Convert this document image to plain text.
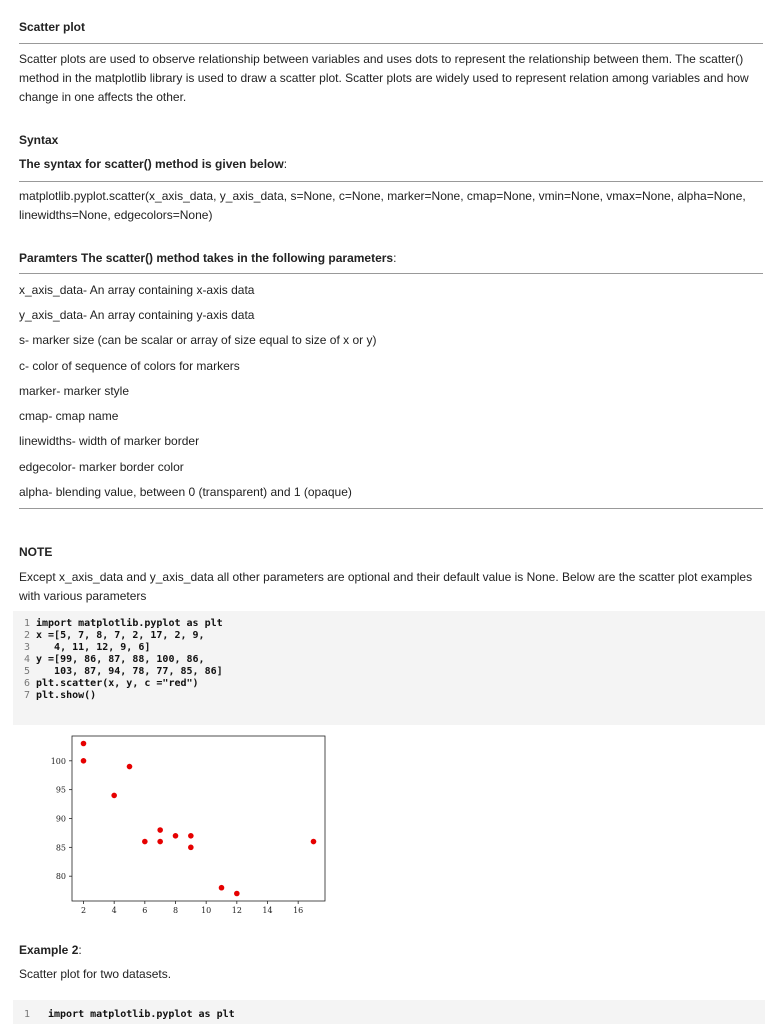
Scatter plot
Scatter plots are used to observe relationship between variables and uses dots to represent the relationship between them. The scatter() method in the matplotlib library is used to draw a scatter plot. Scatter plots are widely used to represent relation among variables and how change in one affects the other.
Syntax
The syntax for scatter() method is given below:
matplotlib.pyplot.scatter(x_axis_data, y_axis_data, s=None, c=None, marker=None, cmap=None, vmin=None, vmax=None, alpha=None, linewidths=None, edgecolors=None)
Paramters The scatter() method takes in the following parameters:
x_axis_data- An array containing x-axis data
y_axis_data- An array containing y-axis data
s- marker size (can be scalar or array of size equal to size of x or y)
c- color of sequence of colors for markers
marker- marker style
cmap- cmap name
linewidths- width of marker border
edgecolor- marker border color
alpha- blending value, between 0 (transparent) and 1 (opaque)
NOTE
Except x_axis_data and y_axis_data all other parameters are optional and their default value is None. Below are the scatter plot examples with various parameters
1 import matplotlib.pyplot as plt
2 x =[5, 7, 8, 7, 2, 17, 2, 9,
3 4, 11, 12, 9, 6]
4 y =[99, 86, 87, 88, 100, 86,
5 103, 87, 94, 78, 77, 85, 86]
6 plt.scatter(x, y, c ="red")
7 plt.show()
80
85
90
95
100
2	4	6	8	10	12	14	16
Example 2:
Scatter plot for two datasets.
1	import matplotlib.pyplot as plt
